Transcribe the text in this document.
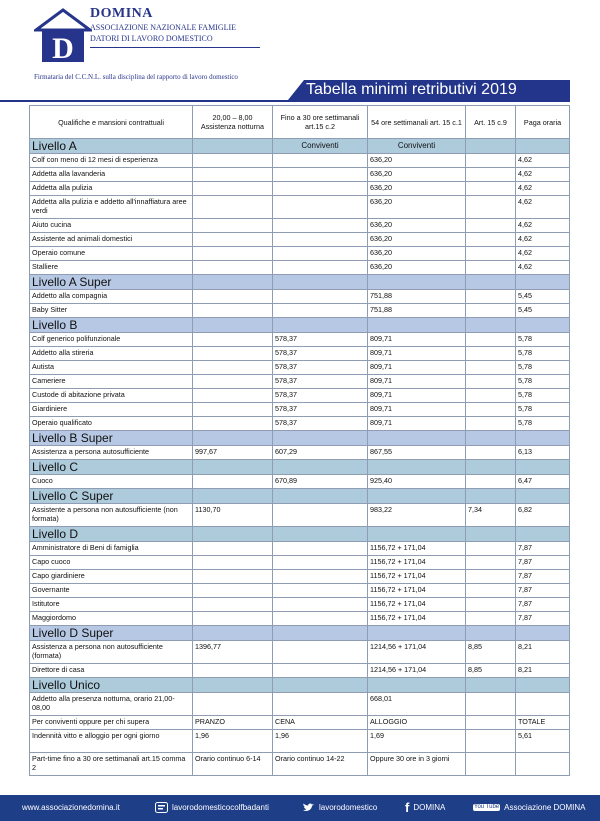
D
DOMINA
ASSOCIAZIONE NAZIONALE FAMIGLIE
DATORI DI LAVORO DOMESTICO
Firmataria del C.C.N.L. sulla disciplina del rapporto di lavoro domestico
Tabella minimi retributivi 2019
Qualifiche e mansioni contrattuali	20,00 – 8,00 Assistenza notturna	Fino a 30 ore settimanali art.15 c.2	54 ore settimanali art. 15 c.1	Art. 15 c.9	Paga oraria
Livello A		Conviventi	Conviventi		
Colf con meno di 12 mesi di esperienza			636,20		4,62
Addetta alla lavanderia			636,20		4,62
Addetta alla pulizia			636,20		4,62
Addetta alla pulizia e addetto all'innaffiatura aree verdi			636,20		4,62
Aiuto cucina			636,20		4,62
Assistente ad animali domestici			636,20		4,62
Operaio comune			636,20		4,62
Stalliere			636,20		4,62
Livello A Super					
Addetto alla compagnia			751,88		5,45
Baby Sitter			751,88		5,45
Livello B					
Colf generico polifunzionale		578,37	809,71		5,78
Addetto alla stireria		578,37	809,71		5,78
Autista		578,37	809,71		5,78
Cameriere		578,37	809,71		5,78
Custode di abitazione privata		578,37	809,71		5,78
Giardiniere		578,37	809,71		5,78
Operaio qualificato		578,37	809,71		5,78
Livello B Super					
Assistenza a persona autosufficiente	997,67	607,29	867,55		6,13
Livello C					
Cuoco		670,89	925,40		6,47
Livello C Super					
Assistente a persona non autosufficiente (non formata)	1130,70		983,22	7,34	6,82
Livello D					
Amministratore di Beni di famiglia			1156,72 + 171,04		7,87
Capo cuoco			1156,72 + 171,04		7,87
Capo giardiniere			1156,72 + 171,04		7,87
Governante			1156,72 + 171,04		7,87
Istitutore			1156,72 + 171,04		7,87
Maggiordomo			1156,72 + 171,04		7,87
Livello D Super					
Assistenza a persona non autosufficiente (formata)	1396,77		1214,56 + 171,04	8,85	8,21
Direttore di casa			1214,56 + 171,04	8,85	8,21
Livello Unico					
Addetto alla presenza notturna, orario 21,00-08,00			668,01		
Per conviventi oppure per chi supera	PRANZO	CENA	ALLOGGIO		TOTALE
Indennità vitto e alloggio per ogni giorno	1,96	1,96	1,69		5,61
Part-time fino a 30 ore settimanali art.15 comma 2	Orario continuo 6-14	Orario continuo 14-22	Oppure 30 ore in 3 giorni		
www.associazionedomina.it	lavorodomesticocolfbadanti	lavorodomestico fDOMINA	You Tube Associazione DOMINA
